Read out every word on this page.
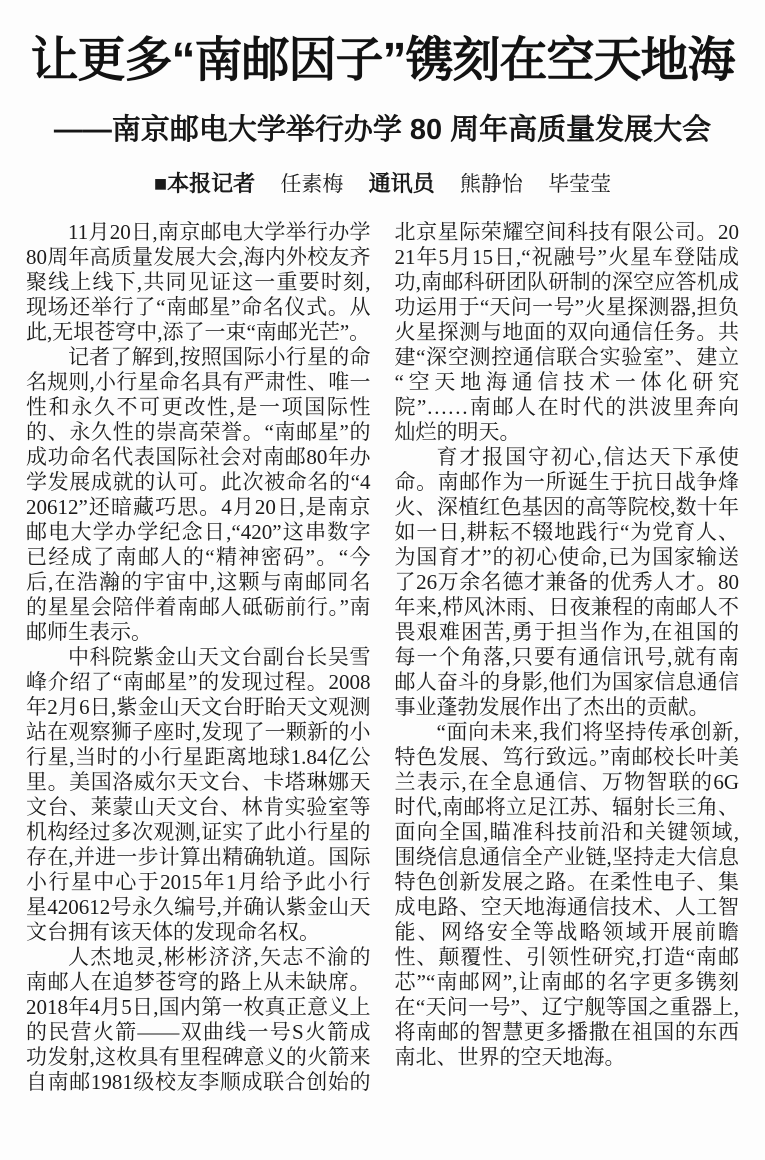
让更多“南邮因子”镌刻在空天地海
——南京邮电大学举行办学 80 周年高质量发展大会
■本报记者 任素梅 通讯员 熊静怡 毕莹莹

11月20日,南京邮电大学举行办学80周年高质量发展大会,海内外校友齐聚线上线下,共同见证这一重要时刻,现场还举行了“南邮星”命名仪式。从此,无垠苍穹中,添了一束“南邮光芒”。

记者了解到,按照国际小行星的命名规则,小行星命名具有严肃性、唯一性和永久不可更改性,是一项国际性的、永久性的崇高荣誉。“南邮星”的成功命名代表国际社会对南邮80年办学发展成就的认可。此次被命名的“420612”还暗藏巧思。4月20日,是南京邮电大学办学纪念日,“420”这串数字已经成了南邮人的“精神密码”。“今后,在浩瀚的宇宙中,这颗与南邮同名的星星会陪伴着南邮人砥砺前行。”南邮师生表示。

中科院紫金山天文台副台长吴雪峰介绍了“南邮星”的发现过程。2008年2月6日,紫金山天文台盱眙天文观测站在观察狮子座时,发现了一颗新的小行星,当时的小行星距离地球1.84亿公里。美国洛威尔天文台、卡塔琳娜天文台、莱蒙山天文台、林肯实验室等机构经过多次观测,证实了此小行星的存在,并进一步计算出精确轨道。国际小行星中心于2015年1月给予此小行星420612号永久编号,并确认紫金山天文台拥有该天体的发现命名权。

人杰地灵,彬彬济济,矢志不渝的南邮人在追梦苍穹的路上从未缺席。2018年4月5日,国内第一枚真正意义上的民营火箭——双曲线一号S火箭成功发射,这枚具有里程碑意义的火箭来自南邮1981级校友李顺成联合创始的北京星际荣耀空间科技有限公司。2021年5月15日,“祝融号”火星车登陆成功,南邮科研团队研制的深空应答机成功运用于“天问一号”火星探测器,担负火星探测与地面的双向通信任务。共建“深空测控通信联合实验室”、建立“空天地海通信技术一体化研究院”……南邮人在时代的洪波里奔向灿烂的明天。

育才报国守初心,信达天下承使命。南邮作为一所诞生于抗日战争烽火、深植红色基因的高等院校,数十年如一日,耕耘不辍地践行“为党育人、为国育才”的初心使命,已为国家输送了26万余名德才兼备的优秀人才。80年来,栉风沐雨、日夜兼程的南邮人不畏艰难困苦,勇于担当作为,在祖国的每一个角落,只要有通信讯号,就有南邮人奋斗的身影,他们为国家信息通信事业蓬勃发展作出了杰出的贡献。

“面向未来,我们将坚持传承创新,特色发展、笃行致远。”南邮校长叶美兰表示,在全息通信、万物智联的6G时代,南邮将立足江苏、辐射长三角、面向全国,瞄准科技前沿和关键领域,围绕信息通信全产业链,坚持走大信息特色创新发展之路。在柔性电子、集成电路、空天地海通信技术、人工智能、网络安全等战略领域开展前瞻性、颠覆性、引领性研究,打造“南邮芯”“南邮网”,让南邮的名字更多镌刻在“天问一号”、辽宁舰等国之重器上,将南邮的智慧更多播撒在祖国的东西南北、世界的空天地海。
